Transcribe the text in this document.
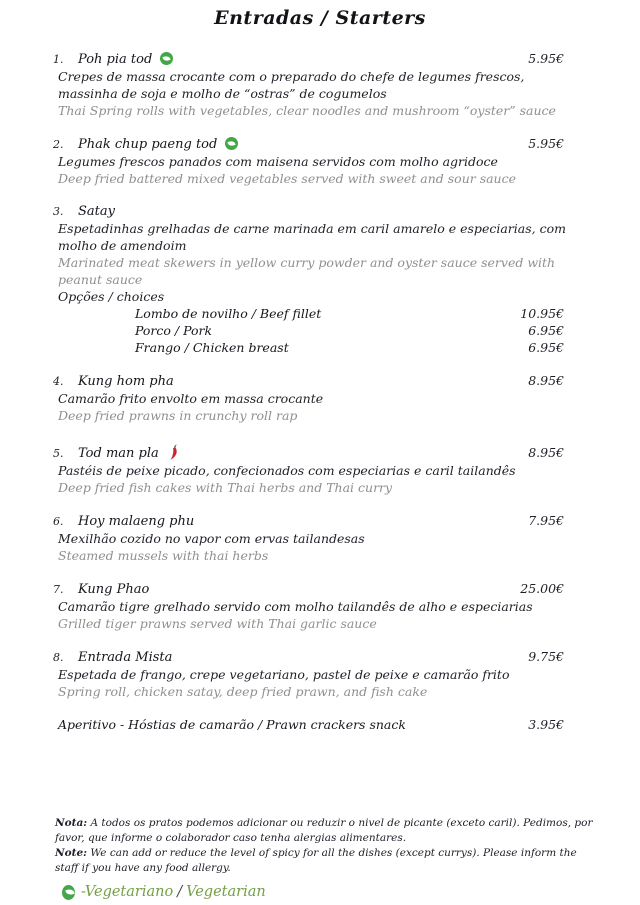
Entradas / Starters
1.	Poh pia tod	5.95€
Crepes de massa crocante com o preparado do chefe de legumes frescos, massinha de soja e molho de “ostras” de cogumelos
Thai Spring rolls with vegetables, clear noodles and mushroom “oyster” sauce
2.	Phak chup paeng tod	5.95€
Legumes frescos panados com maisena servidos com molho agridoce
Deep fried battered mixed vegetables served with sweet and sour sauce
3.	Satay
Espetadinhas grelhadas de carne marinada em caril amarelo e especiarias, com molho de amendoim
Marinated meat skewers in yellow curry powder and oyster sauce served with peanut sauce
Opções / choices
Lombo de novilho / Beef fillet	10.95€
Porco / Pork	6.95€
Frango / Chicken breast	6.95€
4.	Kung hom pha	8.95€
Camarão frito envolto em massa crocante
Deep fried prawns in crunchy roll rap
5.	Tod man pla	8.95€
Pastéis de peixe picado, confecionados com especiarias e caril tailandês
Deep fried fish cakes with Thai herbs and Thai curry
6.	Hoy malaeng phu	7.95€
Mexilhão cozido no vapor com ervas tailandesas
Steamed mussels with thai herbs
7.	Kung Phao	25.00€
Camarão tigre grelhado servido com molho tailandês de alho e especiarias
Grilled tiger prawns served with Thai garlic sauce
8.	Entrada Mista	9.75€
Espetada de frango, crepe vegetariano, pastel de peixe e camarão frito
Spring roll, chicken satay, deep fried prawn, and fish cake
Aperitivo - Hóstias de camarão / Prawn crackers snack	3.95€

Nota: A todos os pratos podemos adicionar ou reduzir o nivel de picante (exceto caril). Pedimos, por favor, que informe o colaborador caso tenha alergias alimentares.

Note: We can add or reduce the level of spicy for all the dishes (except currys). Please inform the staff if you have any food allergy.

-Vegetariano / Vegetarian
